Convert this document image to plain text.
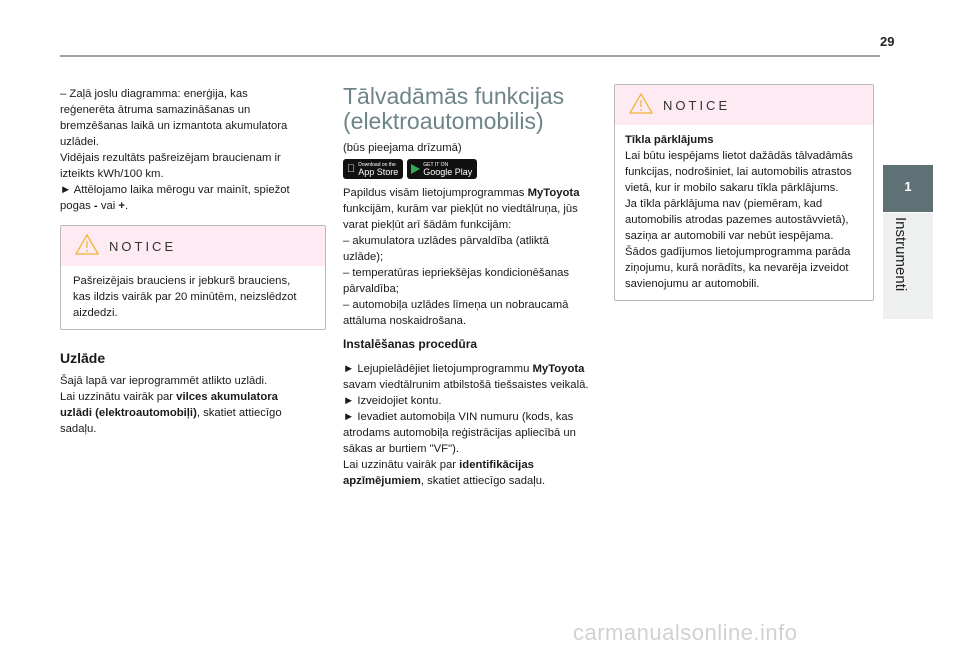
29
1
Instrumenti

– Zaļā joslu diagramma: enerģija, kas

reģenerēta ātruma samazināšanas un

bremzēšanas laikā un izmantota akumulatora

uzlādei.

Vidējais rezultāts pašreizējam braucienam ir

izteikts kWh/100 km.

► Attēlojamo laika mērogu var mainīt, spiežot

pogas - vai +.

NOTICE

Pašreizējais brauciens ir jebkurš brauciens,

kas ildzis vairāk par 20 minūtēm, neizslēdzot

aizdedzi.

Uzlāde

Šajā lapā var ieprogrammēt atlikto uzlādi.

Lai uzzinātu vairāk par vilces akumulatora

uzlādi (elektroautomobiļi), skatiet attiecīgo

sadaļu.

Tālvadāmās funkcijas
(elektroautomobilis)

(būs pieejama drīzumā)

Download on the
App Store
GET IT ON
Google Play

Papildus visām lietojumprogrammas MyToyota

funkcijām, kurām var piekļūt no viedtālruņa, jūs

varat piekļūt arī šādām funkcijām:

– akumulatora uzlādes pārvaldība (atliktā

uzlāde);

– temperatūras iepriekšējas kondicionēšanas

pārvaldība;

– automobiļa uzlādes līmeņa un nobraucamā

attāluma noskaidrošana.

Instalēšanas procedūra

► Lejupielādējiet lietojumprogrammu MyToyota

savam viedtālrunim atbilstošā tiešsaistes veikalā.

► Izveidojiet kontu.

► Ievadiet automobiļa VIN numuru (kods, kas

atrodams automobiļa reģistrācijas apliecībā un

sākas ar burtiem "VF").

Lai uzzinātu vairāk par identifikācijas

apzīmējumiem, skatiet attiecīgo sadaļu.

NOTICE

Tīkla pārklājums

Lai būtu iespējams lietot dažādās tālvadāmās

funkcijas, nodrošiniet, lai automobilis atrastos

vietā, kur ir mobilo sakaru tīkla pārklājums.

Ja tīkla pārklājuma nav (piemēram, kad

automobilis atrodas pazemes autostāvvietā),

saziņa ar automobili var nebūt iespējama.

Šādos gadījumos lietojumprogramma parāda

ziņojumu, kurā norādīts, ka nevarēja izveidot

savienojumu ar automobili.

carmanualsonline.info
